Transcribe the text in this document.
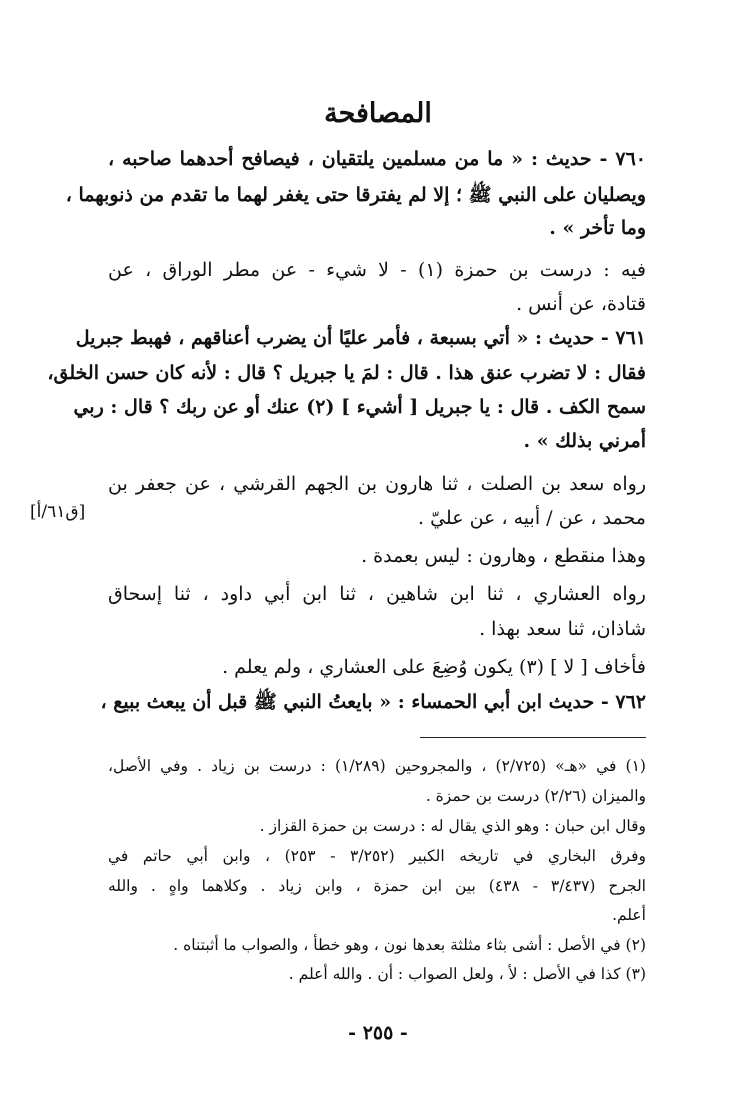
المصافحة
٧٦٠ - حديث : « ما من مسلمين يلتقيان ، فيصافح أحدهما صاحبه ،
ويصليان على النبي ﷺ ؛ إلا لم يفترقا حتى يغفر لهما ما تقدم من ذنوبهما ،
وما تأخر » .
فيه : درست بن حمزة (١) - لا شيء - عن مطر الوراق ، عن
قتادة، عن أنس .
٧٦١ - حديث : « أتي بسبعة ، فأمر عليًا أن يضرب أعناقهم ، فهبط جبريل
فقال : لا تضرب عنق هذا . قال : لمَ يا جبريل ؟ قال : لأنه كان حسن الخلق،
سمح الكف . قال : يا جبريل [ أشيء ] (٢) عنك أو عن ربك ؟ قال : ربي
أمرني بذلك » .
رواه سعد بن الصلت ، ثنا هارون بن الجهم القرشي ، عن جعفر بن
محمد ، عن / أبيه ، عن عليّ .
وهذا منقطع ، وهارون : ليس بعمدة .
رواه العشاري ، ثنا ابن شاهين ، ثنا ابن أبي داود ، ثنا إسحاق
شاذان، ثنا سعد بهذا .
فأخاف [ لا ] (٣) يكون وُضِعَ على العشاري ، ولم يعلم .
٧٦٢ - حديث ابن أبي الحمساء : « بايعتُ النبي ﷺ قبل أن يبعث ببيع ،
[ق٦١/أ]
(١) في «هـ» (٢/٧٢٥) ، والمجروحين (١/٢٨٩) : درست بن زياد . وفي الأصل،
والميزان (٢/٢٦) درست بن حمزة .
وقال ابن حبان : وهو الذي يقال له : درست بن حمزة القزاز .
وفرق البخاري في تاريخه الكبير (٣/٢٥٢ - ٢٥٣) ، وابن أبي حاتم في
الجرح (٣/٤٣٧ - ٤٣٨) بين ابن حمزة ، وابن زياد . وكلاهما واهٍ . والله
أعلم.
(٢) في الأصل : أشى بثاء مثلثة بعدها نون ، وهو خطأ ، والصواب ما أثبتناه .
(٣) كذا في الأصل : لأ ، ولعل الصواب : أن . والله أعلم .
- ٢٥٥ -
